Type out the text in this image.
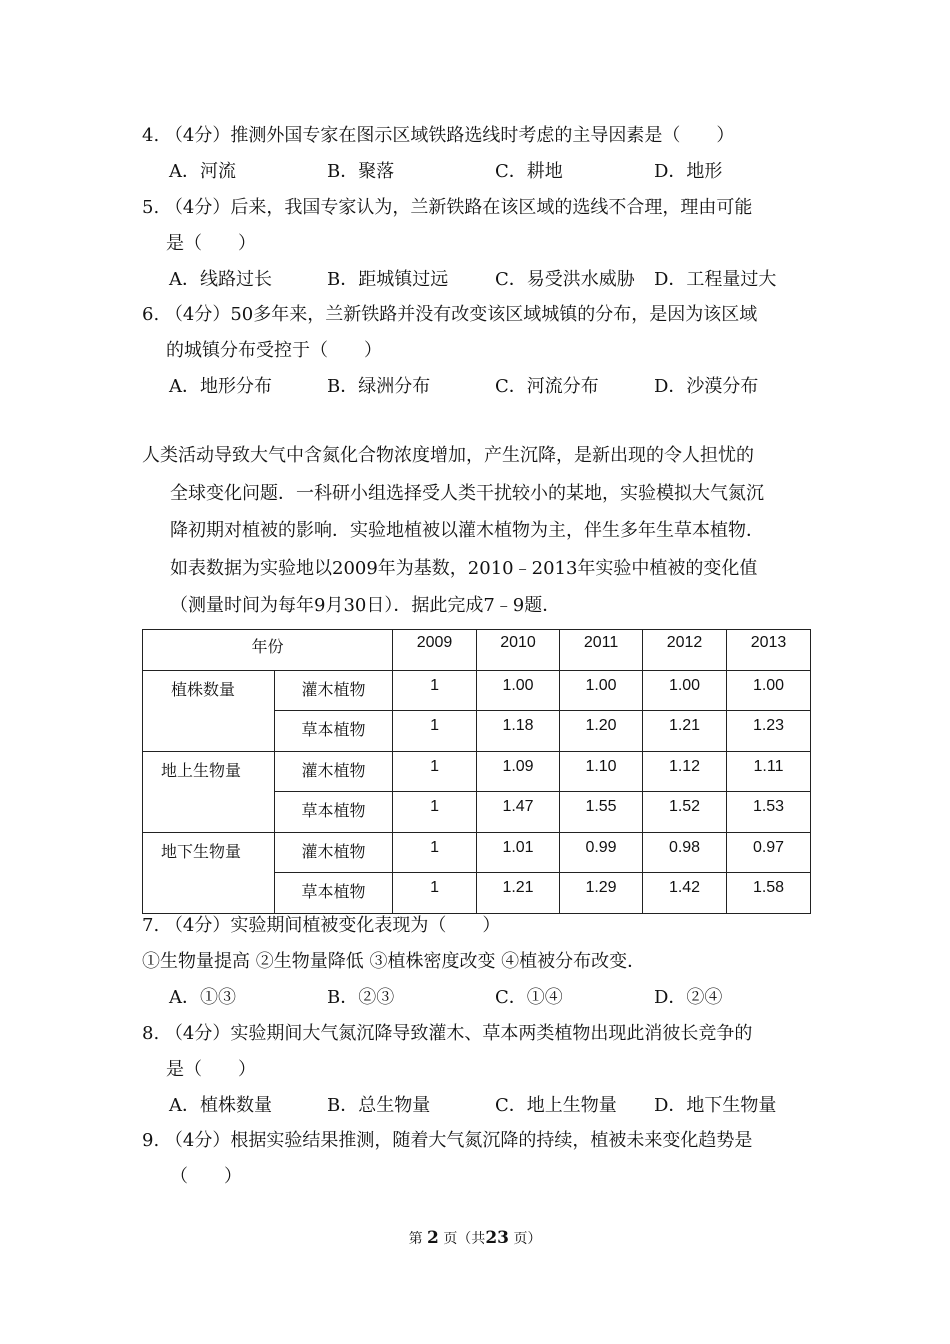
4. （4分）推测外国专家在图示区域铁路选线时考虑的主导因素是（　　）
A．河流	B．聚落	C．耕地	D．地形
5. （4分）后来，我国专家认为，兰新铁路在该区域的选线不合理，理由可能
是（　　）
A．线路过长	B．距城镇过远	C．易受洪水威胁 D．工程量过大
6. （4分）50多年来，兰新铁路并没有改变该区域城镇的分布，是因为该区域
的城镇分布受控于（　　）
A．地形分布	B．绿洲分布	C．河流分布	D．沙漠分布
人类活动导致大气中含氮化合物浓度增加，产生沉降，是新出现的令人担忧的
全球变化问题．一科研小组选择受人类干扰较小的某地，实验模拟大气氮沉
降初期对植被的影响．实验地植被以灌木植物为主，伴生多年生草本植物．
如表数据为实验地以2009年为基数，2010﹣2013年实验中植被的变化值
（测量时间为每年9月30日）．据此完成7﹣9题．
年份		2009	2010	2011	2012	2013

植株数量	灌木植物	1	1.00	1.00	1.00	1.00

	草本植物	1	1.18	1.20	1.21	1.23

地上生物量	灌木植物	1	1.09	1.10	1.12	1.11

	草本植物	1	1.47	1.55	1.52	1.53

地下生物量	灌木植物	1	1.01	0.99	0.98	0.97

	草本植物	1	1.21	1.29	1.42	1.58
7. （4分）实验期间植被变化表现为（　　）
①生物量提高 ②生物量降低 ③植株密度改变 ④植被分布改变．
A．①③	B．②③	C．①④	D．②④
8. （4分）实验期间大气氮沉降导致灌木、草本两类植物出现此消彼长竞争的
是（　　）
A．植株数量	B．总生物量	C．地上生物量 D．地下生物量
9. （4分）根据实验结果推测，随着大气氮沉降的持续，植被未来变化趋势是
（　　）
第 2 页（共23 页）
